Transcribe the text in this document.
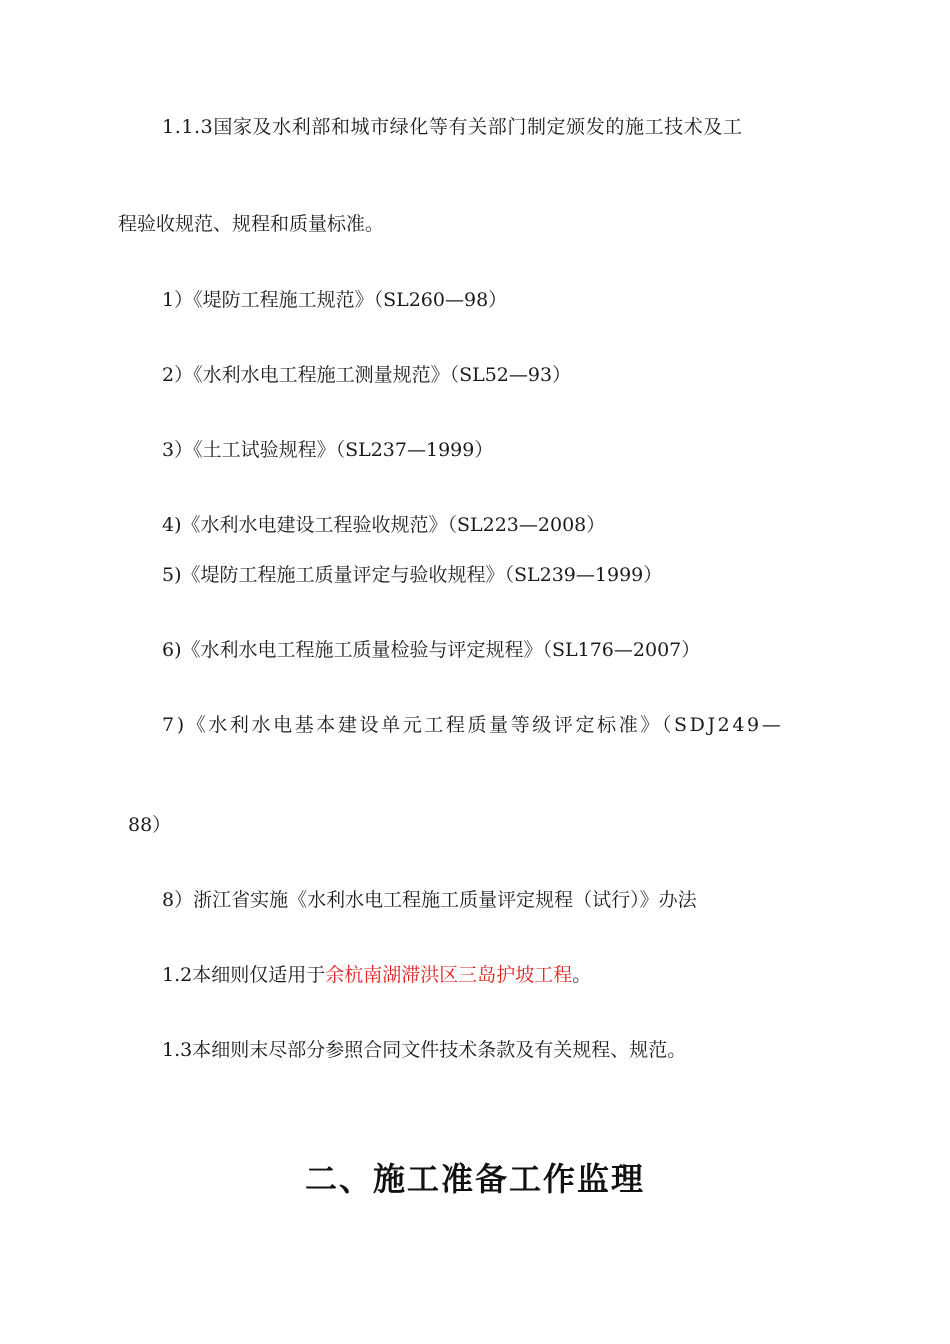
1.1.3国家及水利部和城市绿化等有关部门制定颁发的施工技术及工
程验收规范、规程和质量标准。
1）《堤防工程施工规范》（SL260—98）
2）《水利水电工程施工测量规范》（SL52—93）
3）《土工试验规程》（SL237—1999）
4)《水利水电建设工程验收规范》（SL223—2008）
5)《堤防工程施工质量评定与验收规程》（SL239—1999）
6)《水利水电工程施工质量检验与评定规程》（SL176—2007）
7)《水利水电基本建设单元工程质量等级评定标准》（SDJ249—
88）
8）浙江省实施《水利水电工程施工质量评定规程（试行）》办法
1.2本细则仅适用于余杭南湖滞洪区三岛护坡工程。
1.3本细则末尽部分参照合同文件技术条款及有关规程、规范。
二、施工准备工作监理
